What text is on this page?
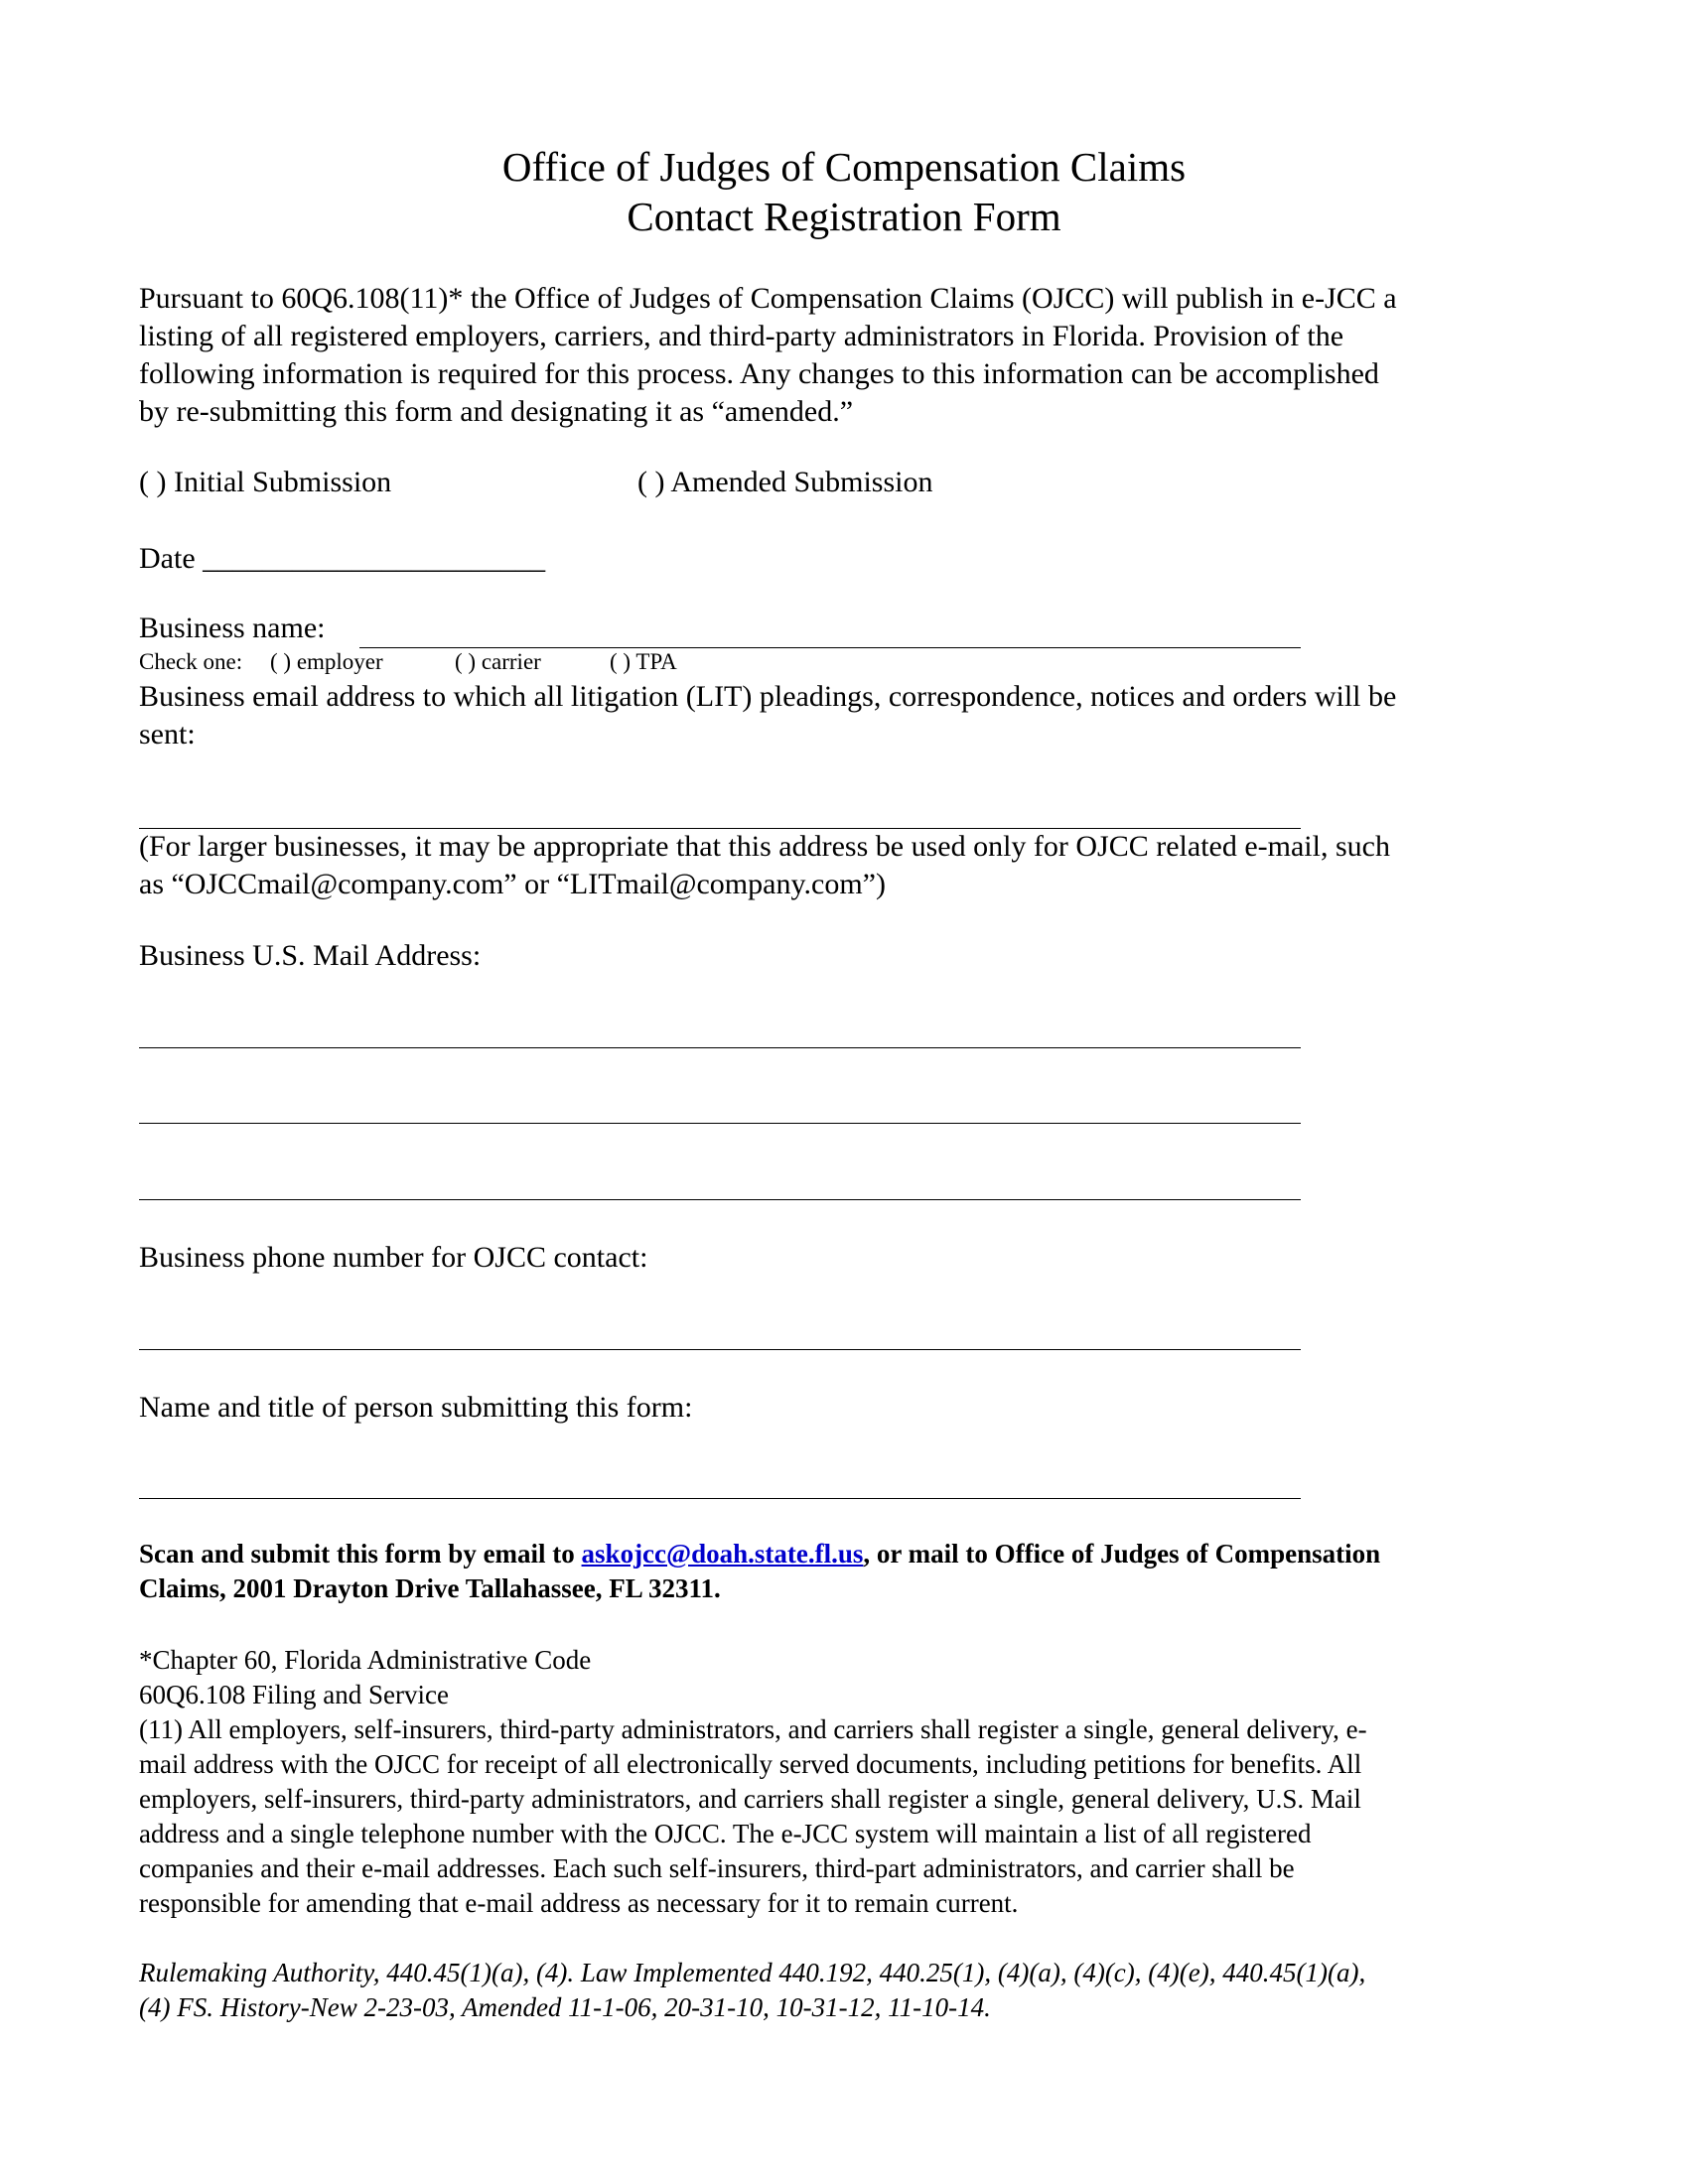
Office of Judges of Compensation Claims
Contact Registration Form
Pursuant to 60Q6.108(11)* the Office of Judges of Compensation Claims (OJCC) will publish in e-JCC a
listing of all registered employers, carriers, and third-party administrators in Florida. Provision of the
following information is required for this process. Any changes to this information can be accomplished
by re-submitting this form and designating it as “amended.”
( ) Initial Submission	( ) Amended Submission
Date _______________________
Business name:
Check one: ( ) employer	( ) carrier	( ) TPA
Business email address to which all litigation (LIT) pleadings, correspondence, notices and orders will be
sent:
(For larger businesses, it may be appropriate that this address be used only for OJCC related e-mail, such
as “OJCCmail@company.com” or “LITmail@company.com”)
Business U.S. Mail Address:
Business phone number for OJCC contact:
Name and title of person submitting this form:
Scan and submit this form by email to askojcc@doah.state.fl.us, or mail to Office of Judges of Compensation
Claims, 2001 Drayton Drive Tallahassee, FL 32311.
*Chapter 60, Florida Administrative Code
60Q6.108 Filing and Service
(11) All employers, self-insurers, third-party administrators, and carriers shall register a single, general delivery, e-
mail address with the OJCC for receipt of all electronically served documents, including petitions for benefits. All
employers, self-insurers, third-party administrators, and carriers shall register a single, general delivery, U.S. Mail
address and a single telephone number with the OJCC. The e-JCC system will maintain a list of all registered
companies and their e-mail addresses. Each such self-insurers, third-part administrators, and carrier shall be
responsible for amending that e-mail address as necessary for it to remain current.
Rulemaking Authority, 440.45(1)(a), (4). Law Implemented 440.192, 440.25(1), (4)(a), (4)(c), (4)(e), 440.45(1)(a),
(4) FS. History-New 2-23-03, Amended 11-1-06, 20-31-10, 10-31-12, 11-10-14.
